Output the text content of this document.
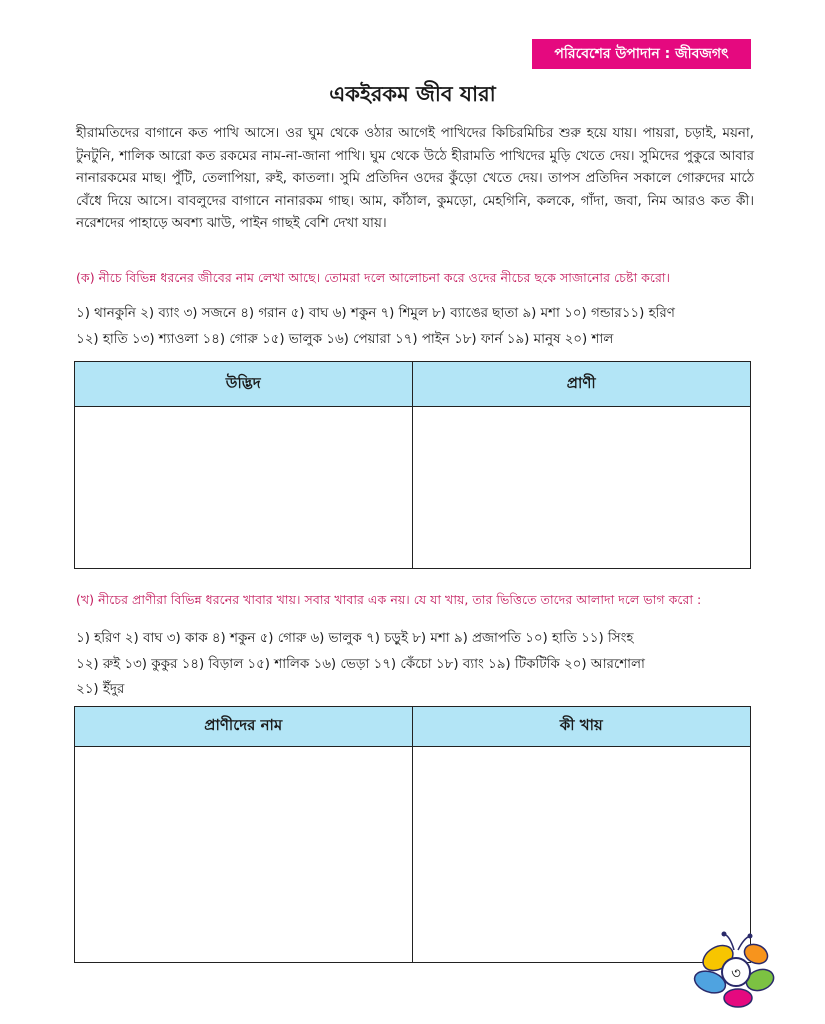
পরিবেশের উপাদান : জীবজগৎ
একইরকম জীব যারা
হীরামতিদের বাগানে কত পাখি আসে। ওর ঘুম থেকে ওঠার আগেই পাখিদের কিচিরমিচির শুরু হয়ে যায়। পায়রা, চড়াই, ময়না, টুনটুনি, শালিক আরো কত রকমের নাম-না-জানা পাখি। ঘুম থেকে উঠে হীরামতি পাখিদের মুড়ি খেতে দেয়। সুমিদের পুকুরে আবার নানারকমের মাছ। পুঁটি, তেলাপিয়া, রুই, কাতলা। সুমি প্রতিদিন ওদের কুঁড়ো খেতে দেয়। তাপস প্রতিদিন সকালে গোরুদের মাঠে বেঁধে দিয়ে আসে। বাবলুদের বাগানে নানারকম গাছ। আম, কাঁঠাল, কুমড়ো, মেহগিনি, কলকে, গাঁদা, জবা, নিম আরও কত কী। নরেশদের পাহাড়ে অবশ্য ঝাউ, পাইন গাছই বেশি দেখা যায়।
(ক) নীচে বিভিন্ন ধরনের জীবের নাম লেখা আছে। তোমরা দলে আলোচনা করে ওদের নীচের ছকে সাজানোর চেষ্টা করো।
১) থানকুনি ২) ব্যাং ৩) সজনে ৪) গরান ৫) বাঘ ৬) শকুন ৭) শিমুল ৮) ব্যাঙের ছাতা ৯) মশা ১০) গন্ডার১১) হরিণ
১২) হাতি ১৩) শ্যাওলা ১৪) গোরু ১৫) ভালুক ১৬) পেয়ারা ১৭) পাইন ১৮) ফার্ন ১৯) মানুষ ২০) শাল
উদ্ভিদ	প্রাণী
(খ) নীচের প্রাণীরা বিভিন্ন ধরনের খাবার খায়। সবার খাবার এক নয়। যে যা খায়, তার ভিত্তিতে তাদের আলাদা দলে ভাগ করো :
১) হরিণ ২) বাঘ ৩) কাক ৪) শকুন ৫) গোরু ৬) ভালুক ৭) চড়ুই ৮) মশা ৯) প্রজাপতি ১০) হাতি ১১) সিংহ
১২) রুই ১৩) কুকুর ১৪) বিড়াল ১৫) শালিক ১৬) ভেড়া ১৭) কেঁচো ১৮) ব্যাং ১৯) টিকটিকি ২০) আরশোলা
২১) ইঁদুর
প্রাণীদের নাম	কী খায়
৩
